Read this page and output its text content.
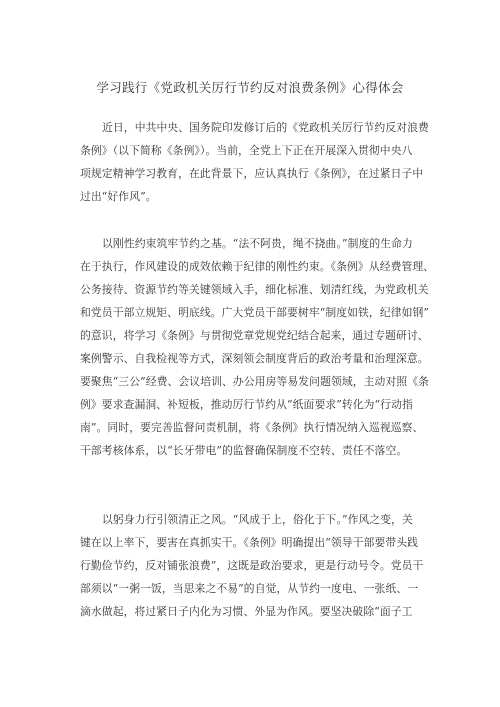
学习践行《党政机关厉行节约反对浪费条例》心得体会
近日，中共中央、国务院印发修订后的《党政机关厉行节约反对浪费
条例》（以下简称《条例》）。当前，全党上下正在开展深入贯彻中央八
项规定精神学习教育，在此背景下，应认真执行《条例》，在过紧日子中
过出“好作风”。
以刚性约束筑牢节约之基。“法不阿贵，绳不挠曲。”制度的生命力
在于执行，作风建设的成效依赖于纪律的刚性约束。《条例》从经费管理、
公务接待、资源节约等关键领域入手，细化标准、划清红线，为党政机关
和党员干部立规矩、明底线。广大党员干部要树牢“制度如铁，纪律如钢”
的意识，将学习《条例》与贯彻党章党规党纪结合起来，通过专题研讨、
案例警示、自我检视等方式，深刻领会制度背后的政治考量和治理深意。
要聚焦“三公”经费、会议培训、办公用房等易发问题领域，主动对照《条
例》要求查漏洞、补短板，推动厉行节约从“纸面要求”转化为“行动指
南”。同时，要完善监督问责机制，将《条例》执行情况纳入巡视巡察、
干部考核体系，以“长牙带电”的监督确保制度不空转、责任不落空。
以躬身力行引领清正之风。“风成于上，俗化于下。”作风之变，关
键在以上率下，要害在真抓实干。《条例》明确提出“领导干部要带头践
行勤俭节约，反对铺张浪费”，这既是政治要求，更是行动号令。党员干
部须以“一粥一饭，当思来之不易”的自觉，从节约一度电、一张纸、一
滴水做起，将过紧日子内化为习惯、外显为作风。要坚决破除“面子工
